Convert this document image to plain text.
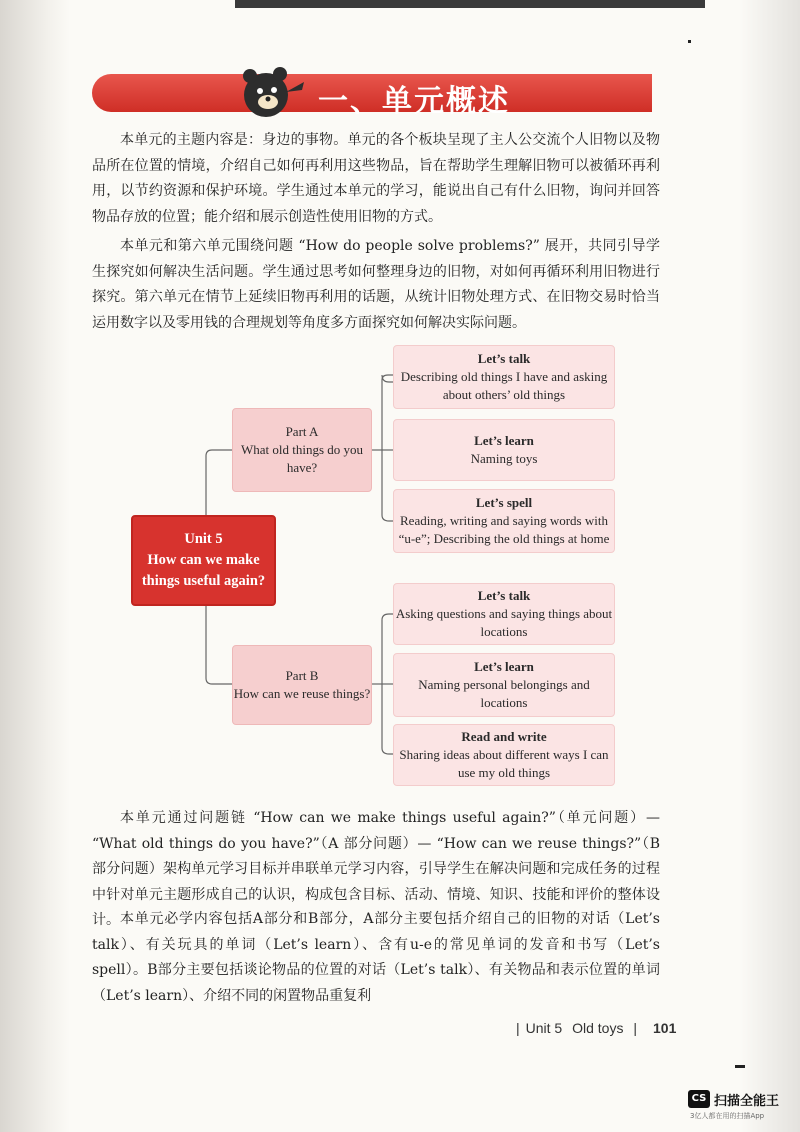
一、单元概述

本单元的主题内容是：身边的事物。单元的各个板块呈现了主人公交流个人旧物以及物品所在位置的情境，介绍自己如何再利用这些物品，旨在帮助学生理解旧物可以被循环再利用，以节约资源和保护环境。学生通过本单元的学习，能说出自己有什么旧物，询问并回答物品存放的位置；能介绍和展示创造性使用旧物的方式。

本单元和第六单元围绕问题 “How do people solve problems?” 展开，共同引导学生探究如何解决生活问题。学生通过思考如何整理身边的旧物，对如何再循环利用旧物进行探究。第六单元在情节上延续旧物再利用的话题，从统计旧物处理方式、在旧物交易时恰当运用数字以及零用钱的合理规划等角度多方面探究如何解决实际问题。

Unit 5
How can we make
things useful again?
Part A
What old things do you
have?
Part B
How can we reuse things?
Let’s talk
Describing old things I have and asking
about others’ old things
Let’s learn
Naming toys
Let’s spell
Reading, writing and saying words with
“u-e”; Describing the old things at home
Let’s talk
Asking questions and saying things about
locations
Let’s learn
Naming personal belongings and
locations
Read and write
Sharing ideas about different ways I can
use my old things

本单元通过问题链 “How can we make things useful again?”（单元问题）— “What old things do you have?”（A 部分问题）— “How can we reuse things?”（B 部分问题）架构单元学习目标并串联单元学习内容，引导学生在解决问题和完成任务的过程中针对单元主题形成自己的认识，构成包含目标、活动、情境、知识、技能和评价的整体设计。 本单元必学内容包括A部分和B部分，A部分主要包括介绍自己的旧物的对话（Let’s talk）、有关玩具的单词（Let’s learn）、含有u-e的常见单词的发音和书写（Let’s spell）。B部分主要包括谈论物品的位置的对话（Let’s talk）、有关物品和表示位置的单词（Let’s learn）、介绍不同的闲置物品重复利

| Unit 5 Old toys | 101
CS 扫描全能王
3亿人都在用的扫描App
